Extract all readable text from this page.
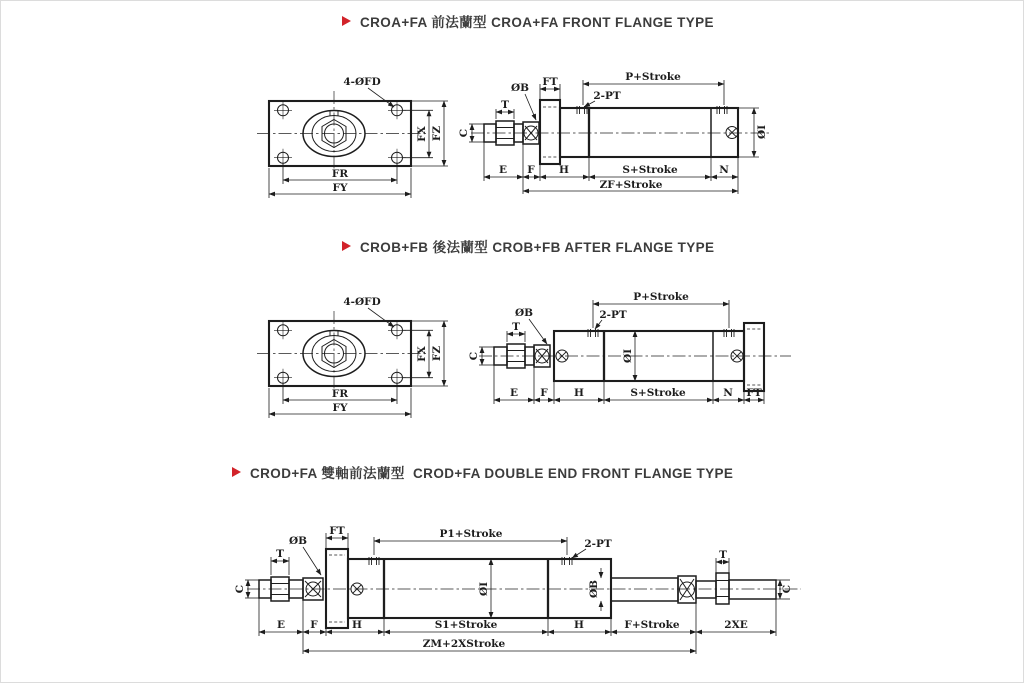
CROA+FA 前法蘭型 CROA+FA FRONT FLANGE TYPE
CROB+FB 後法蘭型 CROB+FB AFTER FLANGE TYPE
CROD+FA 雙軸前法蘭型  CROD+FA DOUBLE END FRONT FLANGE TYPE
FX FZ
FR
FY
T
ØB
C
FT	P+Stroke
2-PT
ØI
E F H	S+Stroke	N
ZF+Stroke
T
ØB
C
P+Stroke
2-PT
ØI
E F	H	S+Stroke	N FT
FT
ØB
T
C
P1+Stroke
2-PT
ØI	ØB
T
C
E F	H	S1+Stroke	H	F+Stroke	2XE
ZM+2XStroke
